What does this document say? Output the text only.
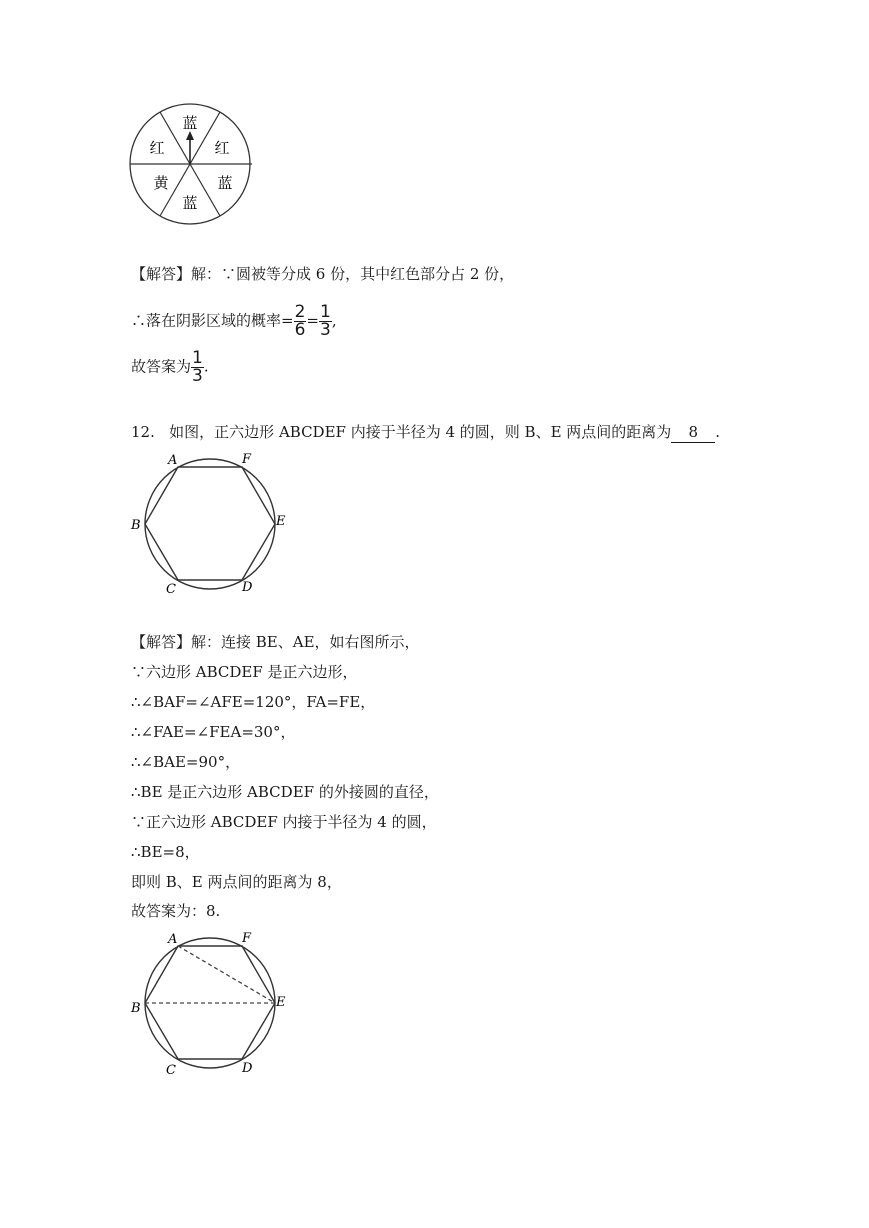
蓝
红
蓝
蓝
黄
红
【解答】解：∵圆被等分成 6 份，其中红色部分占 2 份，
∴落在阴影区域的概率= $\frac{2}{6} = \frac{1}{3}$ ,
故答案为 $\frac{1}{3}$ .
12. 如图，正六边形 ABCDEF 内接于半径为 4 的圆，则 B、E 两点间的距离为 8 .
A	F
B	E
C	D
【解答】解：连接 BE、AE，如右图所示，
∵六边形 ABCDEF 是正六边形，
∴∠BAF=∠AFE=120°，FA=FE，
∴∠FAE=∠FEA=30°，
∴∠BAE=90°，
∴BE 是正六边形 ABCDEF 的外接圆的直径，
∵正六边形 ABCDEF 内接于半径为 4 的圆，
∴BE=8，
即则 B、E 两点间的距离为 8，
故答案为：8.
A	F
B	E
C	D
